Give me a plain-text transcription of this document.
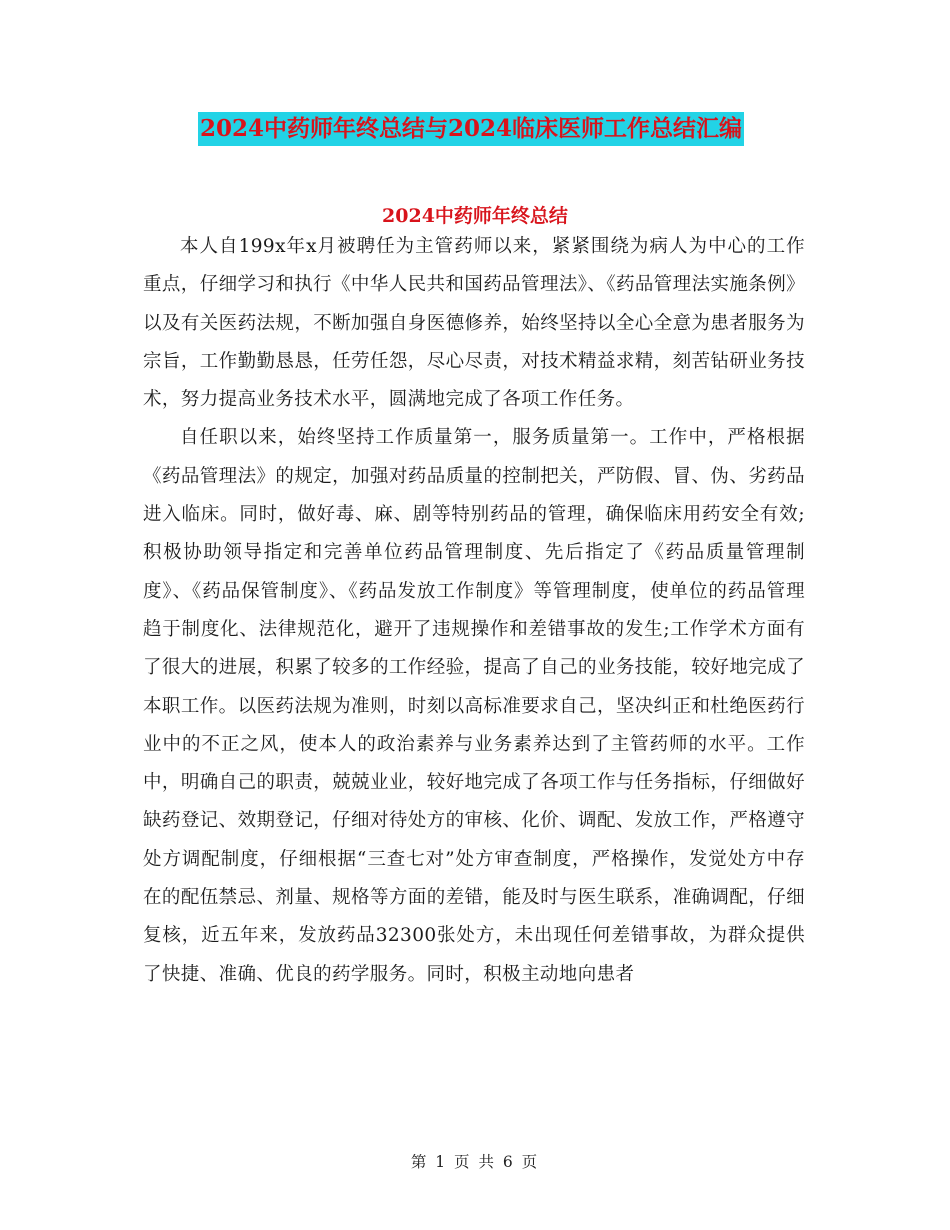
2024中药师年终总结与2024临床医师工作总结汇编
2024中药师年终总结

本人自199x年x月被聘任为主管药师以来，紧紧围绕为病人为中心的工作重点，仔细学习和执行《中华人民共和国药品管理法》、《药品管理法实施条例》以及有关医药法规，不断加强自身医德修养，始终坚持以全心全意为患者服务为宗旨，工作勤勤恳恳，任劳任怨，尽心尽责，对技术精益求精，刻苦钻研业务技术，努力提高业务技术水平，圆满地完成了各项工作任务。

自任职以来，始终坚持工作质量第一，服务质量第一。工作中，严格根据《药品管理法》的规定，加强对药品质量的控制把关，严防假、冒、伪、劣药品进入临床。同时，做好毒、麻、剧等特别药品的管理，确保临床用药安全有效;积极协助领导指定和完善单位药品管理制度、先后指定了《药品质量管理制度》、《药品保管制度》、《药品发放工作制度》等管理制度，使单位的药品管理趋于制度化、法律规范化，避开了违规操作和差错事故的发生;工作学术方面有了很大的进展，积累了较多的工作经验，提高了自己的业务技能，较好地完成了本职工作。以医药法规为准则，时刻以高标准要求自己，坚决纠正和杜绝医药行业中的不正之风，使本人的政治素养与业务素养达到了主管药师的水平。工作中，明确自己的职责，兢兢业业，较好地完成了各项工作与任务指标，仔细做好缺药登记、效期登记，仔细对待处方的审核、化价、调配、发放工作，严格遵守处方调配制度，仔细根据“三查七对”处方审查制度，严格操作，发觉处方中存在的配伍禁忌、剂量、规格等方面的差错，能及时与医生联系，准确调配，仔细复核，近五年来，发放药品32300张处方，未出现任何差错事故，为群众提供了快捷、准确、优良的药学服务。同时，积极主动地向患者

第 1 页 共 6 页
